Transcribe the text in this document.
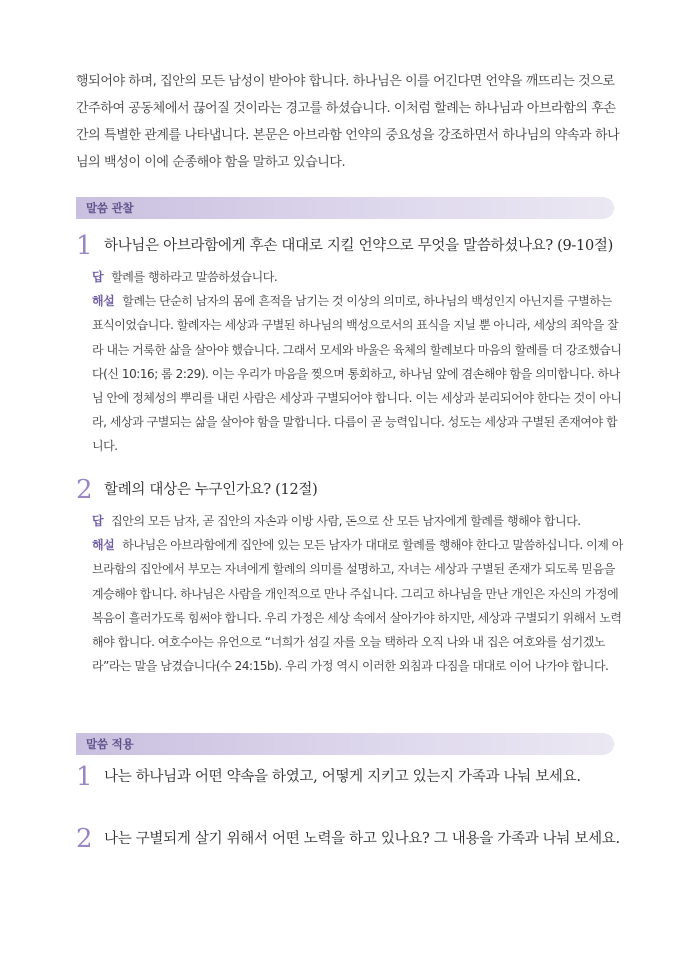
행되어야 하며, 집안의 모든 남성이 받아야 합니다. 하나님은 이를 어긴다면 언약을 깨뜨리는 것으로 간주하여 공동체에서 끊어질 것이라는 경고를 하셨습니다. 이처럼 할례는 하나님과 아브라함의 후손 간의 특별한 관계를 나타냅니다. 본문은 아브라함 언약의 중요성을 강조하면서 하나님의 약속과 하나님의 백성이 이에 순종해야 함을 말하고 있습니다.

말씀 관찰
1 하나님은 아브라함에게 후손 대대로 지킬 언약으로 무엇을 말씀하셨나요? (9-10절)
답 할례를 행하라고 말씀하셨습니다.
해설 할례는 단순히 남자의 몸에 흔적을 남기는 것 이상의 의미로, 하나님의 백성인지 아닌지를 구별하는 표식이었습니다. 할례자는 세상과 구별된 하나님의 백성으로서의 표식을 지닐 뿐 아니라, 세상의 죄악을 잘라 내는 거룩한 삶을 살아야 했습니다. 그래서 모세와 바울은 육체의 할례보다 마음의 할례를 더 강조했습니다(신 10:16; 롬 2:29). 이는 우리가 마음을 찢으며 통회하고, 하나님 앞에 겸손해야 함을 의미합니다. 하나님 안에 정체성의 뿌리를 내린 사람은 세상과 구별되어야 합니다. 이는 세상과 분리되어야 한다는 것이 아니라, 세상과 구별되는 삶을 살아야 함을 말합니다. 다름이 곧 능력입니다. 성도는 세상과 구별된 존재여야 합니다.
2 할례의 대상은 누구인가요? (12절)
답 집안의 모든 남자, 곧 집안의 자손과 이방 사람, 돈으로 산 모든 남자에게 할례를 행해야 합니다.
해설 하나님은 아브라함에게 집안에 있는 모든 남자가 대대로 할례를 행해야 한다고 말씀하십니다. 이제 아브라함의 집안에서 부모는 자녀에게 할례의 의미를 설명하고, 자녀는 세상과 구별된 존재가 되도록 믿음을 계승해야 합니다. 하나님은 사람을 개인적으로 만나 주십니다. 그리고 하나님을 만난 개인은 자신의 가정에 복음이 흘러가도록 힘써야 합니다. 우리 가정은 세상 속에서 살아가야 하지만, 세상과 구별되기 위해서 노력해야 합니다. 여호수아는 유언으로 “너희가 섬길 자를 오늘 택하라 오직 나와 내 집은 여호와를 섬기겠노라”라는 말을 남겼습니다(수 24:15b). 우리 가정 역시 이러한 외침과 다짐을 대대로 이어 나가야 합니다.
말씀 적용
1 나는 하나님과 어떤 약속을 하였고, 어떻게 지키고 있는지 가족과 나눠 보세요.
2 나는 구별되게 살기 위해서 어떤 노력을 하고 있나요? 그 내용을 가족과 나눠 보세요.
